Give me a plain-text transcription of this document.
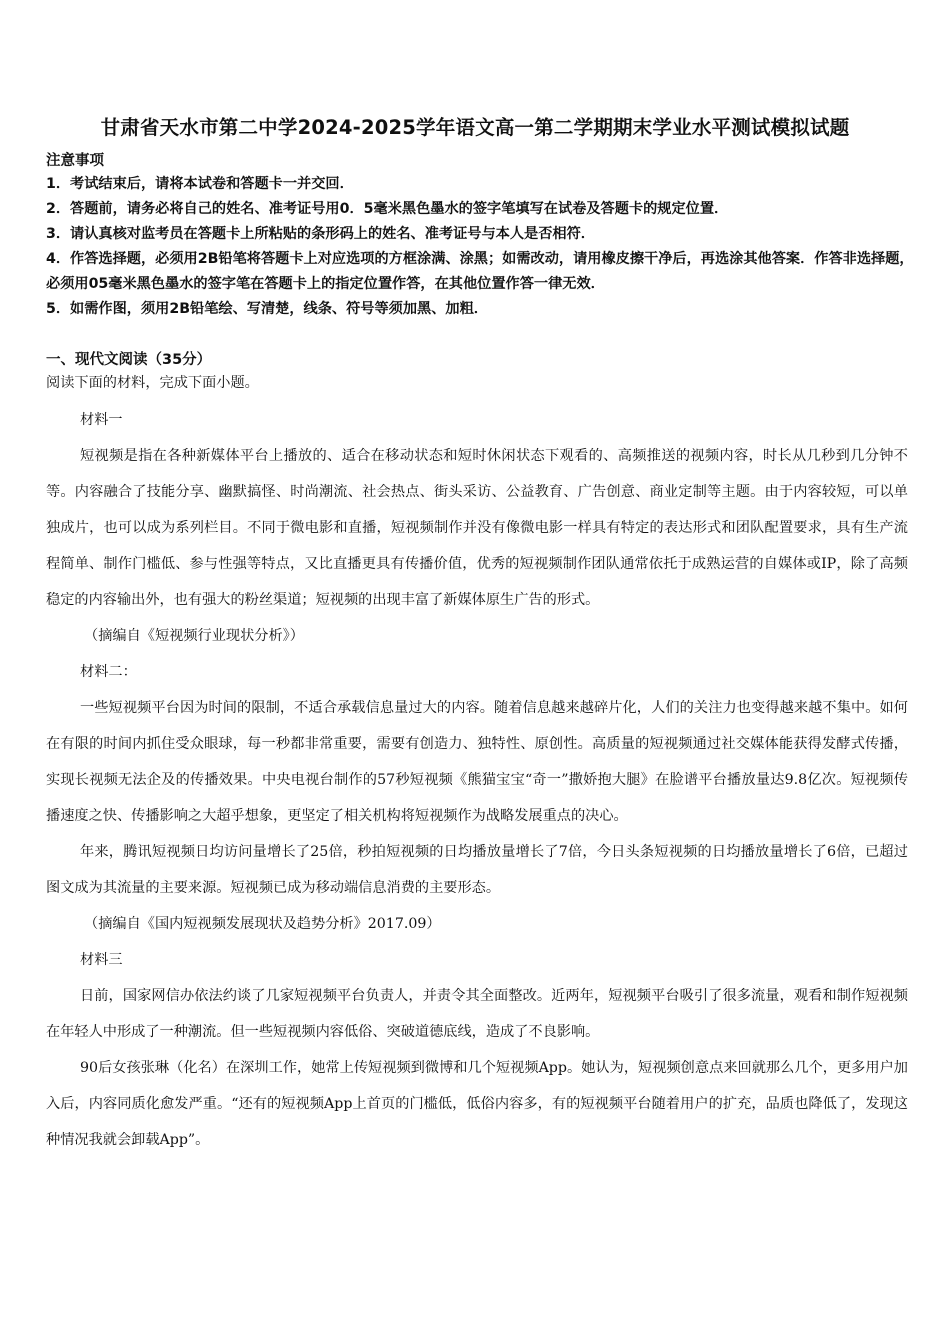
甘肃省天水市第二中学2024-2025学年语文高一第二学期期末学业水平测试模拟试题
注意事项

1．考试结束后，请将本试卷和答题卡一并交回．

2．答题前，请务必将自己的姓名、准考证号用0．5毫米黑色墨水的签字笔填写在试卷及答题卡的规定位置．

3．请认真核对监考员在答题卡上所粘贴的条形码上的姓名、准考证号与本人是否相符．

4．作答选择题，必须用2B铅笔将答题卡上对应选项的方框涂满、涂黑；如需改动，请用橡皮擦干净后，再选涂其他答案．作答非选择题，必须用05毫米黑色墨水的签字笔在答题卡上的指定位置作答，在其他位置作答一律无效．

5．如需作图，须用2B铅笔绘、写清楚，线条、符号等须加黑、加粗．

一、现代文阅读（35分）
阅读下面的材料，完成下面小题。

材料一

短视频是指在各种新媒体平台上播放的、适合在移动状态和短时休闲状态下观看的、高频推送的视频内容，时长从几秒到几分钟不等。内容融合了技能分享、幽默搞怪、时尚潮流、社会热点、街头采访、公益教育、广告创意、商业定制等主题。由于内容较短，可以单独成片，也可以成为系列栏目。不同于微电影和直播，短视频制作并没有像微电影一样具有特定的表达形式和团队配置要求，具有生产流程简单、制作门槛低、参与性强等特点，又比直播更具有传播价值，优秀的短视频制作团队通常依托于成熟运营的自媒体或IP，除了高频稳定的内容输出外，也有强大的粉丝渠道；短视频的出现丰富了新媒体原生广告的形式。

（摘编自《短视频行业现状分析》）

材料二：

一些短视频平台因为时间的限制，不适合承载信息量过大的内容。随着信息越来越碎片化，人们的关注力也变得越来越不集中。如何在有限的时间内抓住受众眼球，每一秒都非常重要，需要有创造力、独特性、原创性。高质量的短视频通过社交媒体能获得发酵式传播，实现长视频无法企及的传播效果。中央电视台制作的57秒短视频《熊猫宝宝“奇一”撒娇抱大腿》在脸谱平台播放量达9.8亿次。短视频传播速度之快、传播影响之大超乎想象，更坚定了相关机构将短视频作为战略发展重点的决心。

年来，腾讯短视频日均访问量增长了25倍，秒拍短视频的日均播放量增长了7倍，今日头条短视频的日均播放量增长了6倍，已超过图文成为其流量的主要来源。短视频已成为移动端信息消费的主要形态。

（摘编自《国内短视频发展现状及趋势分析》2017.09）

材料三

日前，国家网信办依法约谈了几家短视频平台负责人，并责令其全面整改。近两年，短视频平台吸引了很多流量，观看和制作短视频在年轻人中形成了一种潮流。但一些短视频内容低俗、突破道德底线，造成了不良影响。

90后女孩张琳（化名）在深圳工作，她常上传短视频到微博和几个短视频App。她认为，短视频创意点来回就那么几个，更多用户加入后，内容同质化愈发严重。“还有的短视频App上首页的门槛低，低俗内容多，有的短视频平台随着用户的扩充，品质也降低了，发现这种情况我就会卸载App”。
